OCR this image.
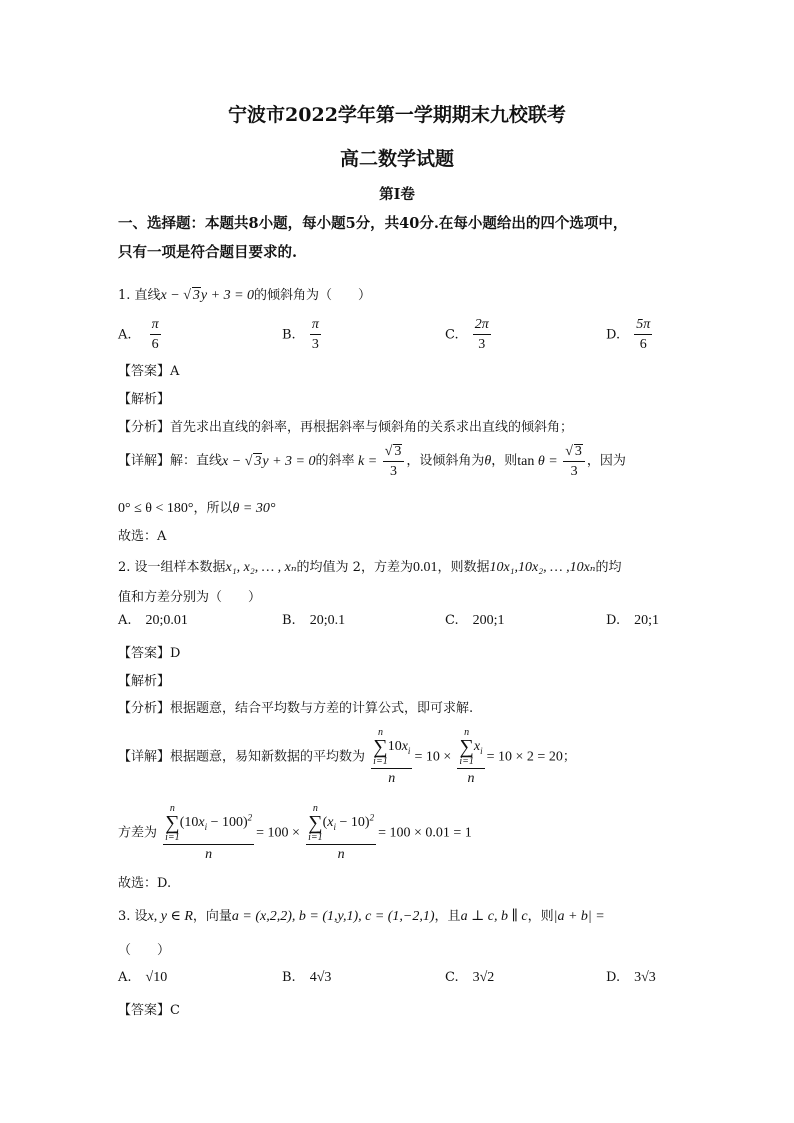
宁波市2022学年第一学期期末九校联考
高二数学试题
第I卷
一、选择题：本题共8小题，每小题5分，共40分.在每小题给出的四个选项中，
只有一项是符合题目要求的.
1. 直线x − √ 3y + 3 = 0的倾斜角为（　　）
A. $\frac{\pi}{6}$	B. $\frac{\pi}{3}$	C. $\frac{2\pi}{3}$	D. $\frac{5\pi}{6}$
【答案】A
【解析】
【分析】首先求出直线的斜率，再根据斜率与倾斜角的关系求出直线的倾斜角；
【详解】解：直线x − √ 3y + 3 = 0的斜率 $k = \frac{√ 3}{3}$ ，设倾斜角为θ，则$\tan \theta = \frac{√ 3}{3}$ ，因为
0° ≤ θ < 180°，所以θ = 30°
故选：A
2. 设一组样本数据x₁, x₂, … , xₙ的均值为 2，方差为0.01，则数据10x₁,10x₂, … ,10xₙ的均
值和方差分别为（　　）
A. 20;0.01	B. 20;0.1	C. 200;1	D. 20;1
【答案】D
【解析】
【分析】根据题意，结合平均数与方差的计算公式，即可求解.
【详解】根据题意，易知新数据的平均数为 n
∑
$i=110x_i$
n = 10 × n
∑
$i=1x_i$
n = 10 × 2 = 20；
方差为 n
∑
$i=1(10x_i - 100)^2$
n = 100 × n
∑
$i=1(x_i - 10)^2$
n = 100 × 0.01 = 1
故选：D.
3. 设x, y ∈ R，向量a = (x,2,2), b = (1,y,1), c = (1,−2,1)，且a ⊥ c, b ∥ c，则|a + b| =
（　　）
A. √10	B. 4√3	C. 3√2	D. 3√3
【答案】C
